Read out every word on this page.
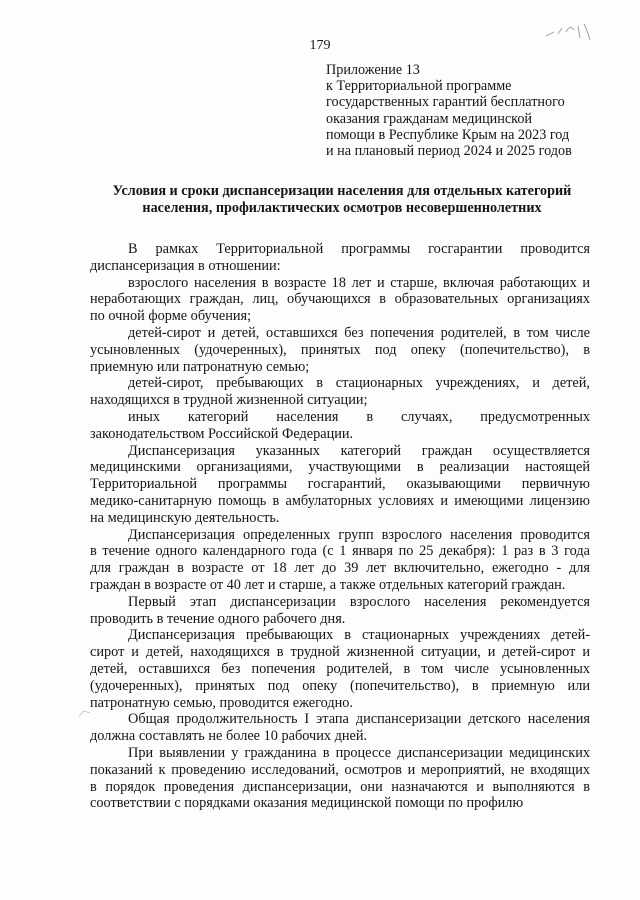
179
Приложение 13
к Территориальной программе
государственных гарантий бесплатного
оказания гражданам медицинской
помощи в Республике Крым на 2023 год
и на плановый период 2024 и 2025 годов
Условия и сроки диспансеризации населения для отдельных категорий
населения, профилактических осмотров несовершеннолетних

В рамках Территориальной программы госгарантии проводится
диспансеризация в отношении:

взрослого населения в возрасте 18 лет и старше, включая работающих и
неработающих граждан, лиц, обучающихся в образовательных организациях
по очной форме обучения;

детей-сирот и детей, оставшихся без попечения родителей, в том числе
усыновленных (удочеренных), принятых под опеку (попечительство), в
приемную или патронатную семью;

детей-сирот, пребывающих в стационарных учреждениях, и детей,
находящихся в трудной жизненной ситуации;

иных категорий населения в случаях, предусмотренных
законодательством Российской Федерации.

Диспансеризация указанных категорий граждан осуществляется
медицинскими организациями, участвующими в реализации настоящей
Территориальной программы госгарантий, оказывающими первичную
медико-санитарную помощь в амбулаторных условиях и имеющими лицензию
на медицинскую деятельность.

Диспансеризация определенных групп взрослого населения проводится
в течение одного календарного года (с 1 января по 25 декабря): 1 раз в 3 года
для граждан в возрасте от 18 лет до 39 лет включительно, ежегодно - для
граждан в возрасте от 40 лет и старше, а также отдельных категорий граждан.

Первый этап диспансеризации взрослого населения рекомендуется
проводить в течение одного рабочего дня.

Диспансеризация пребывающих в стационарных учреждениях детей-
сирот и детей, находящихся в трудной жизненной ситуации, и детей-сирот и
детей, оставшихся без попечения родителей, в том числе усыновленных
(удочеренных), принятых под опеку (попечительство), в приемную или
патронатную семью, проводится ежегодно.

Общая продолжительность I этапа диспансеризации детского населения
должна составлять не более 10 рабочих дней.

При выявлении у гражданина в процессе диспансеризации медицинских
показаний к проведению исследований, осмотров и мероприятий, не входящих
в порядок проведения диспансеризации, они назначаются и выполняются в
соответствии с порядками оказания медицинской помощи по профилю
